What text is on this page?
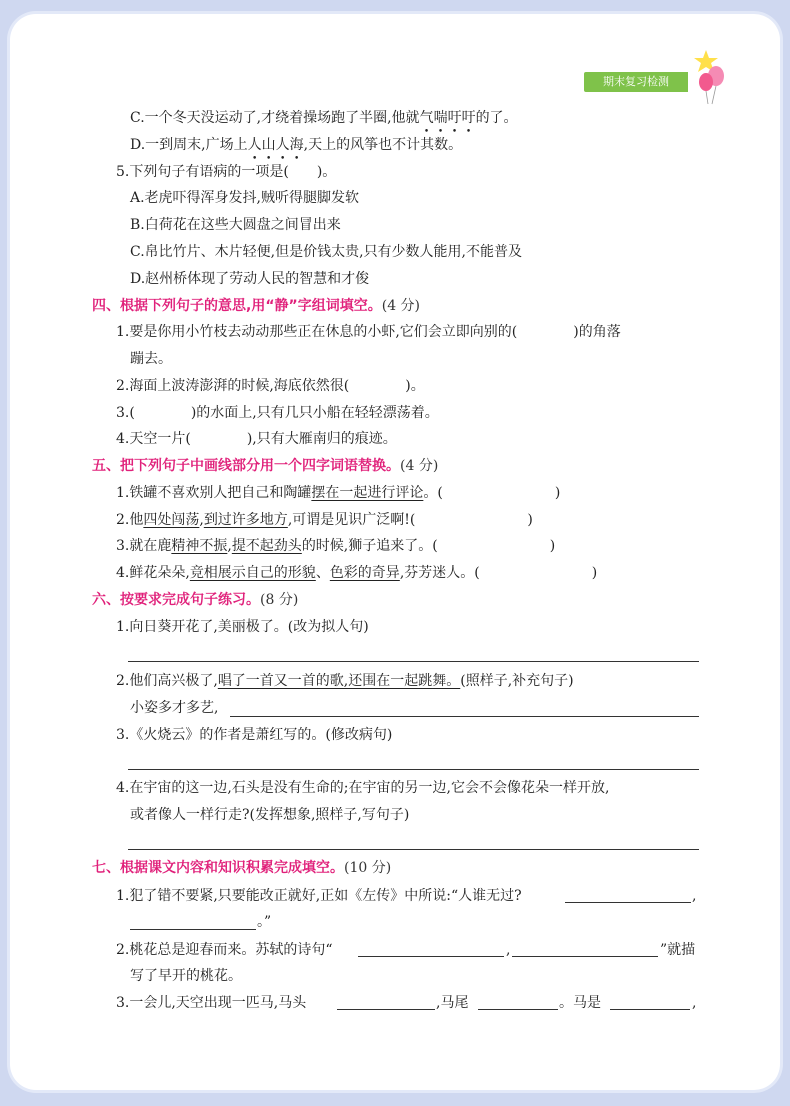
期末复习检测
C.一个冬天没运动了,才绕着操场跑了半圈,他就气喘吁吁的了。
D.一到周末,广场上人山人海,天上的风筝也不计其数。
5.下列句子有语病的一项是(　　)。
A.老虎吓得浑身发抖,贼听得腿脚发软
B.白荷花在这些大圆盘之间冒出来
C.帛比竹片、木片轻便,但是价钱太贵,只有少数人能用,不能普及
D.赵州桥体现了劳动人民的智慧和才俊
四、根据下列句子的意思,用“静”字组词填空。(4 分)
1.要是你用小竹枝去动动那些正在休息的小虾,它们会立即向别的(　　　　)的角落
蹦去。
2.海面上波涛澎湃的时候,海底依然很(　　　　)。
3.(　　　　)的水面上,只有几只小船在轻轻漂荡着。
4.天空一片(　　　　),只有大雁南归的痕迹。
五、把下列句子中画线部分用一个四字词语替换。(4 分)
1.铁罐不喜欢别人把自己和陶罐摆在一起进行评论。(　　　　　　　　)
2.他四处闯荡,到过许多地方,可谓是见识广泛啊!(　　　　　　　　)
3.就在鹿精神不振,提不起劲头的时候,狮子追来了。(　　　　　　　　)
4.鲜花朵朵,竞相展示自己的形貌、色彩的奇异,芬芳迷人。(　　　　　　　　)
六、按要求完成句子练习。(8 分)
1.向日葵开花了,美丽极了。(改为拟人句)
2.他们高兴极了,唱了一首又一首的歌,还围在一起跳舞。(照样子,补充句子)
小姿多才多艺,
3.《火烧云》的作者是萧红写的。(修改病句)
4.在宇宙的这一边,石头是没有生命的;在宇宙的另一边,它会不会像花朵一样开放,
或者像人一样行走?(发挥想象,照样子,写句子)
七、根据课文内容和知识积累完成填空。(10 分)
1.犯了错不要紧,只要能改正就好,正如《左传》中所说:“人谁无过?	,
。”
2.桃花总是迎春而来。苏轼的诗句“	,	”就描
写了早开的桃花。
3.一会儿,天空出现一匹马,马头	,马尾	。马是	,
